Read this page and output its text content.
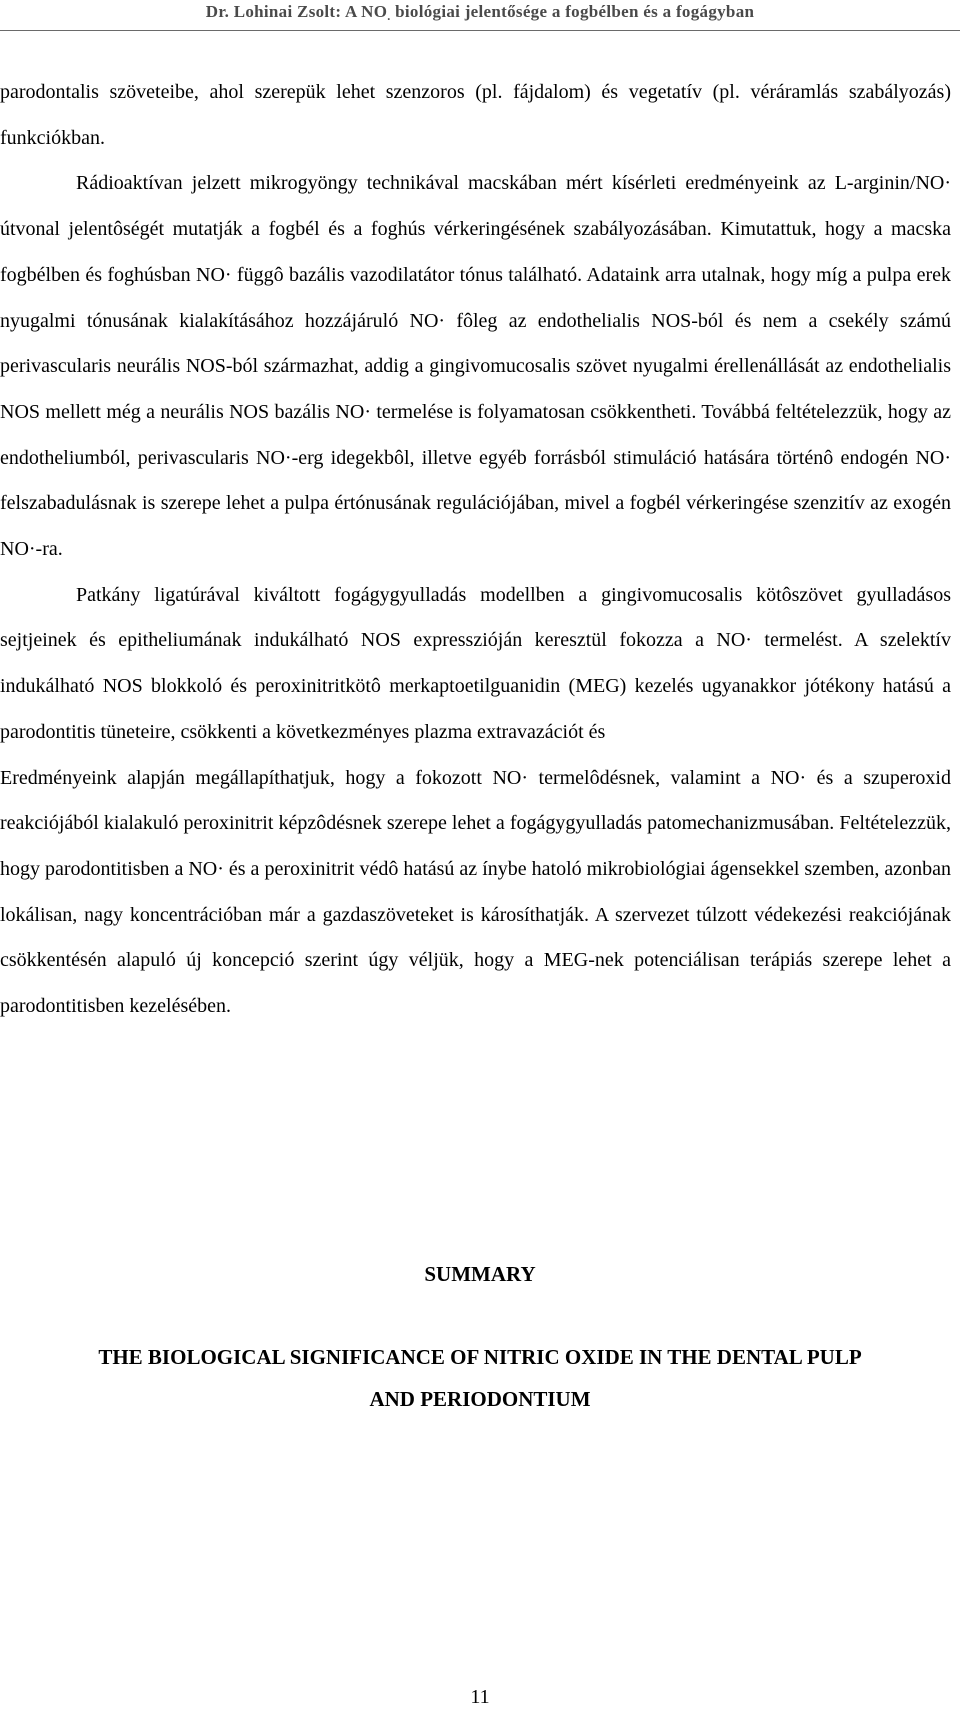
Dr. Lohinai Zsolt: A NO. biológiai jelentősége a fogbélben és a fogágyban

parodontalis szöveteibe, ahol szerepük lehet szenzoros (pl. fájdalom) és vegetatív (pl. véráramlás szabályozás) funkciókban.

Rádioaktívan jelzett mikrogyöngy technikával macskában mért kísérleti eredményeink az L-arginin/NO· útvonal jelentôségét mutatják a fogbél és a foghús vérkeringésének szabályozásában. Kimutattuk, hogy a macska fogbélben és foghúsban NO· függô bazális vazodilatátor tónus található. Adataink arra utalnak, hogy míg a pulpa erek nyugalmi tónusának kialakításához hozzájáruló NO· fôleg az endothelialis NOS-ból és nem a csekély számú perivascularis neurális NOS-ból származhat, addig a gingivomucosalis szövet nyugalmi érellenállását az endothelialis NOS mellett még a neurális NOS bazális NO· termelése is folyamatosan csökkentheti. Továbbá feltételezzük, hogy az endotheliumból, perivascularis NO·-erg idegekbôl, illetve egyéb forrásból stimuláció hatására történô endogén NO· felszabadulásnak is szerepe lehet a pulpa értónusának regulációjában, mivel a fogbél vérkeringése szenzitív az exogén NO·-ra.

Patkány ligatúrával kiváltott fogágygyulladás modellben a gingivomucosalis kötôszövet gyulladásos sejtjeinek és epitheliumának indukálható NOS expresszióján keresztül fokozza a NO· termelést. A szelektív indukálható NOS blokkoló és peroxinitritkötô merkaptoetilguanidin (MEG) kezelés ugyanakkor jótékony hatású a parodontitis tüneteire, csökkenti a következményes plazma extravazációt és

Eredményeink alapján megállapíthatjuk, hogy a fokozott NO· termelôdésnek, valamint a NO· és a szuperoxid reakciójából kialakuló peroxinitrit képzôdésnek szerepe lehet a fogágygyulladás patomechanizmusában. Feltételezzük, hogy parodontitisben a NO· és a peroxinitrit védô hatású az ínybe hatoló mikrobiológiai ágensekkel szemben, azonban lokálisan, nagy koncentrációban már a gazdaszöveteket is károsíthatják. A szervezet túlzott védekezési reakciójának csökkentésén alapuló új koncepció szerint úgy véljük, hogy a MEG-nek potenciálisan terápiás szerepe lehet a parodontitisben kezelésében.

SUMMARY
THE BIOLOGICAL SIGNIFICANCE OF NITRIC OXIDE IN THE DENTAL PULP
AND PERIODONTIUM
11
